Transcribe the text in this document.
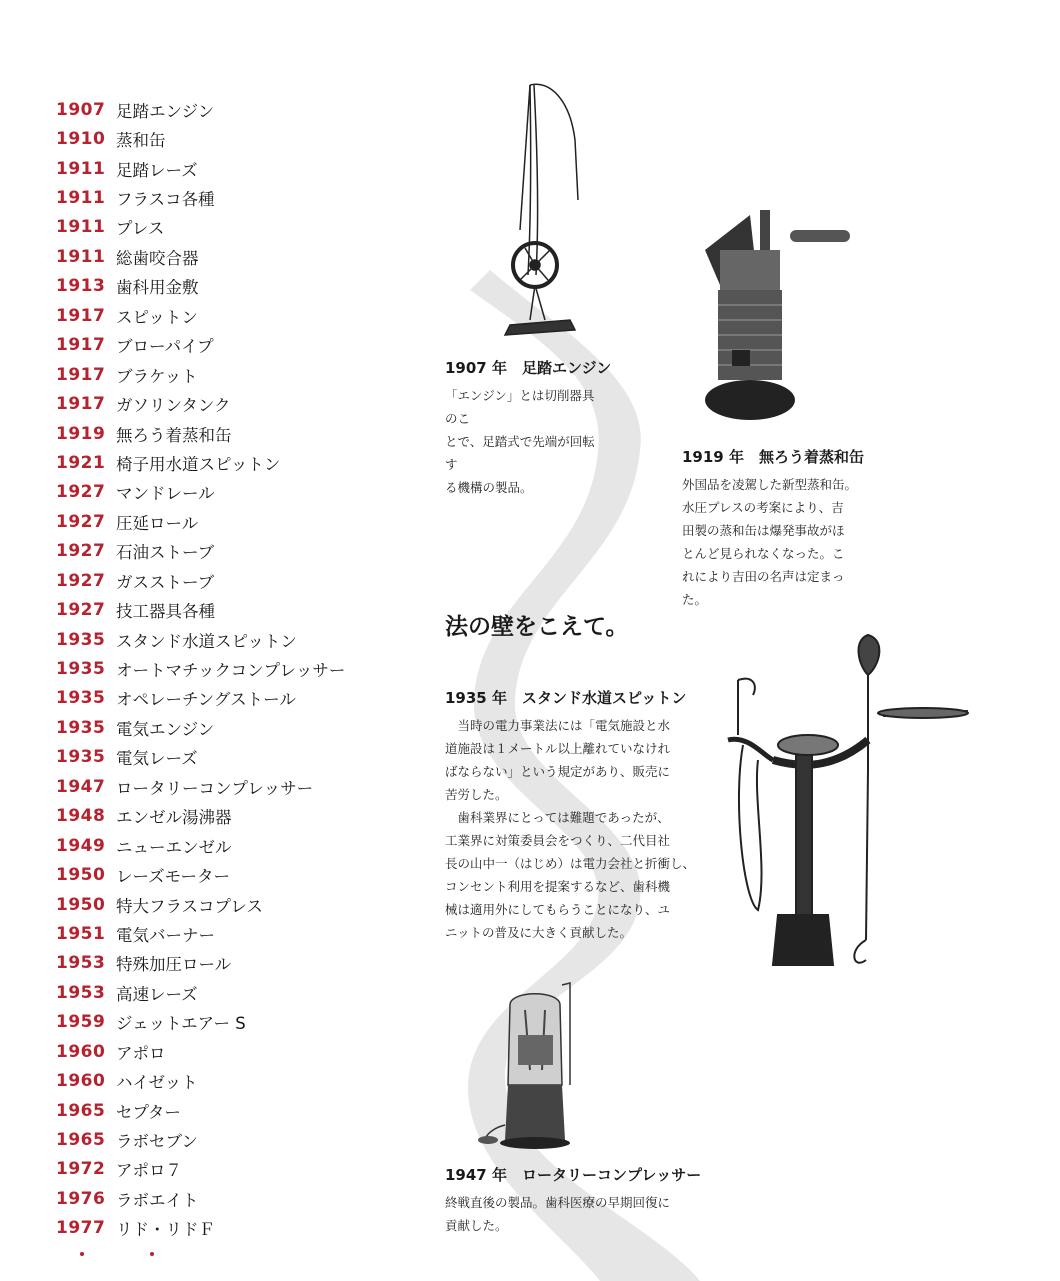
1907 足踏エンジン
1910 蒸和缶
1911 足踏レーズ
1911 フラスコ各種
1911 プレス
1911 総歯咬合器
1913 歯科用金敷
1917 スピットン
1917 ブローパイプ
1917 ブラケット
1917 ガソリンタンク
1919 無ろう着蒸和缶
1921 椅子用水道スピットン
1927 マンドレール
1927 圧延ロール
1927 石油ストーブ
1927 ガスストーブ
1927 技工器具各種
1935 スタンド水道スピットン
1935 オートマチックコンプレッサー
1935 オペレーチングストール
1935 電気エンジン
1935 電気レーズ
1947 ロータリーコンプレッサー
1948 エンゼル湯沸器
1949 ニューエンゼル
1950 レーズモーター
1950 特大フラスコプレス
1951 電気バーナー
1953 特殊加圧ロール
1953 高速レーズ
1959 ジェットエアー S
1960 アポロ
1960 ハイゼット
1965 セプター
1965 ラボセブン
1972 アポロ７
1976 ラボエイト
1977 リド・リドＦ
1907 年　足踏エンジン
「エンジン」とは切削器具のこ
とで、足踏式で先端が回転す
る機構の製品。
1919 年　無ろう着蒸和缶
外国品を凌駕した新型蒸和缶。
水圧プレスの考案により、吉
田製の蒸和缶は爆発事故がほ
とんど見られなくなった。こ
れにより吉田の名声は定まっ
た。
法の壁をこえて。
1935 年　スタンド水道スピットン
　当時の電力事業法には「電気施設と水
道施設は１メートル以上離れていなけれ
ばならない」という規定があり、販売に
苦労した。
　歯科業界にとっては難題であったが、
工業界に対策委員会をつくり、二代目社
長の山中一（はじめ）は電力会社と折衝し、
コンセント利用を提案するなど、歯科機
械は適用外にしてもらうことになり、ユ
ニットの普及に大きく貢献した。
1947 年　ロータリーコンプレッサー
終戦直後の製品。歯科医療の早期回復に
貢献した。
